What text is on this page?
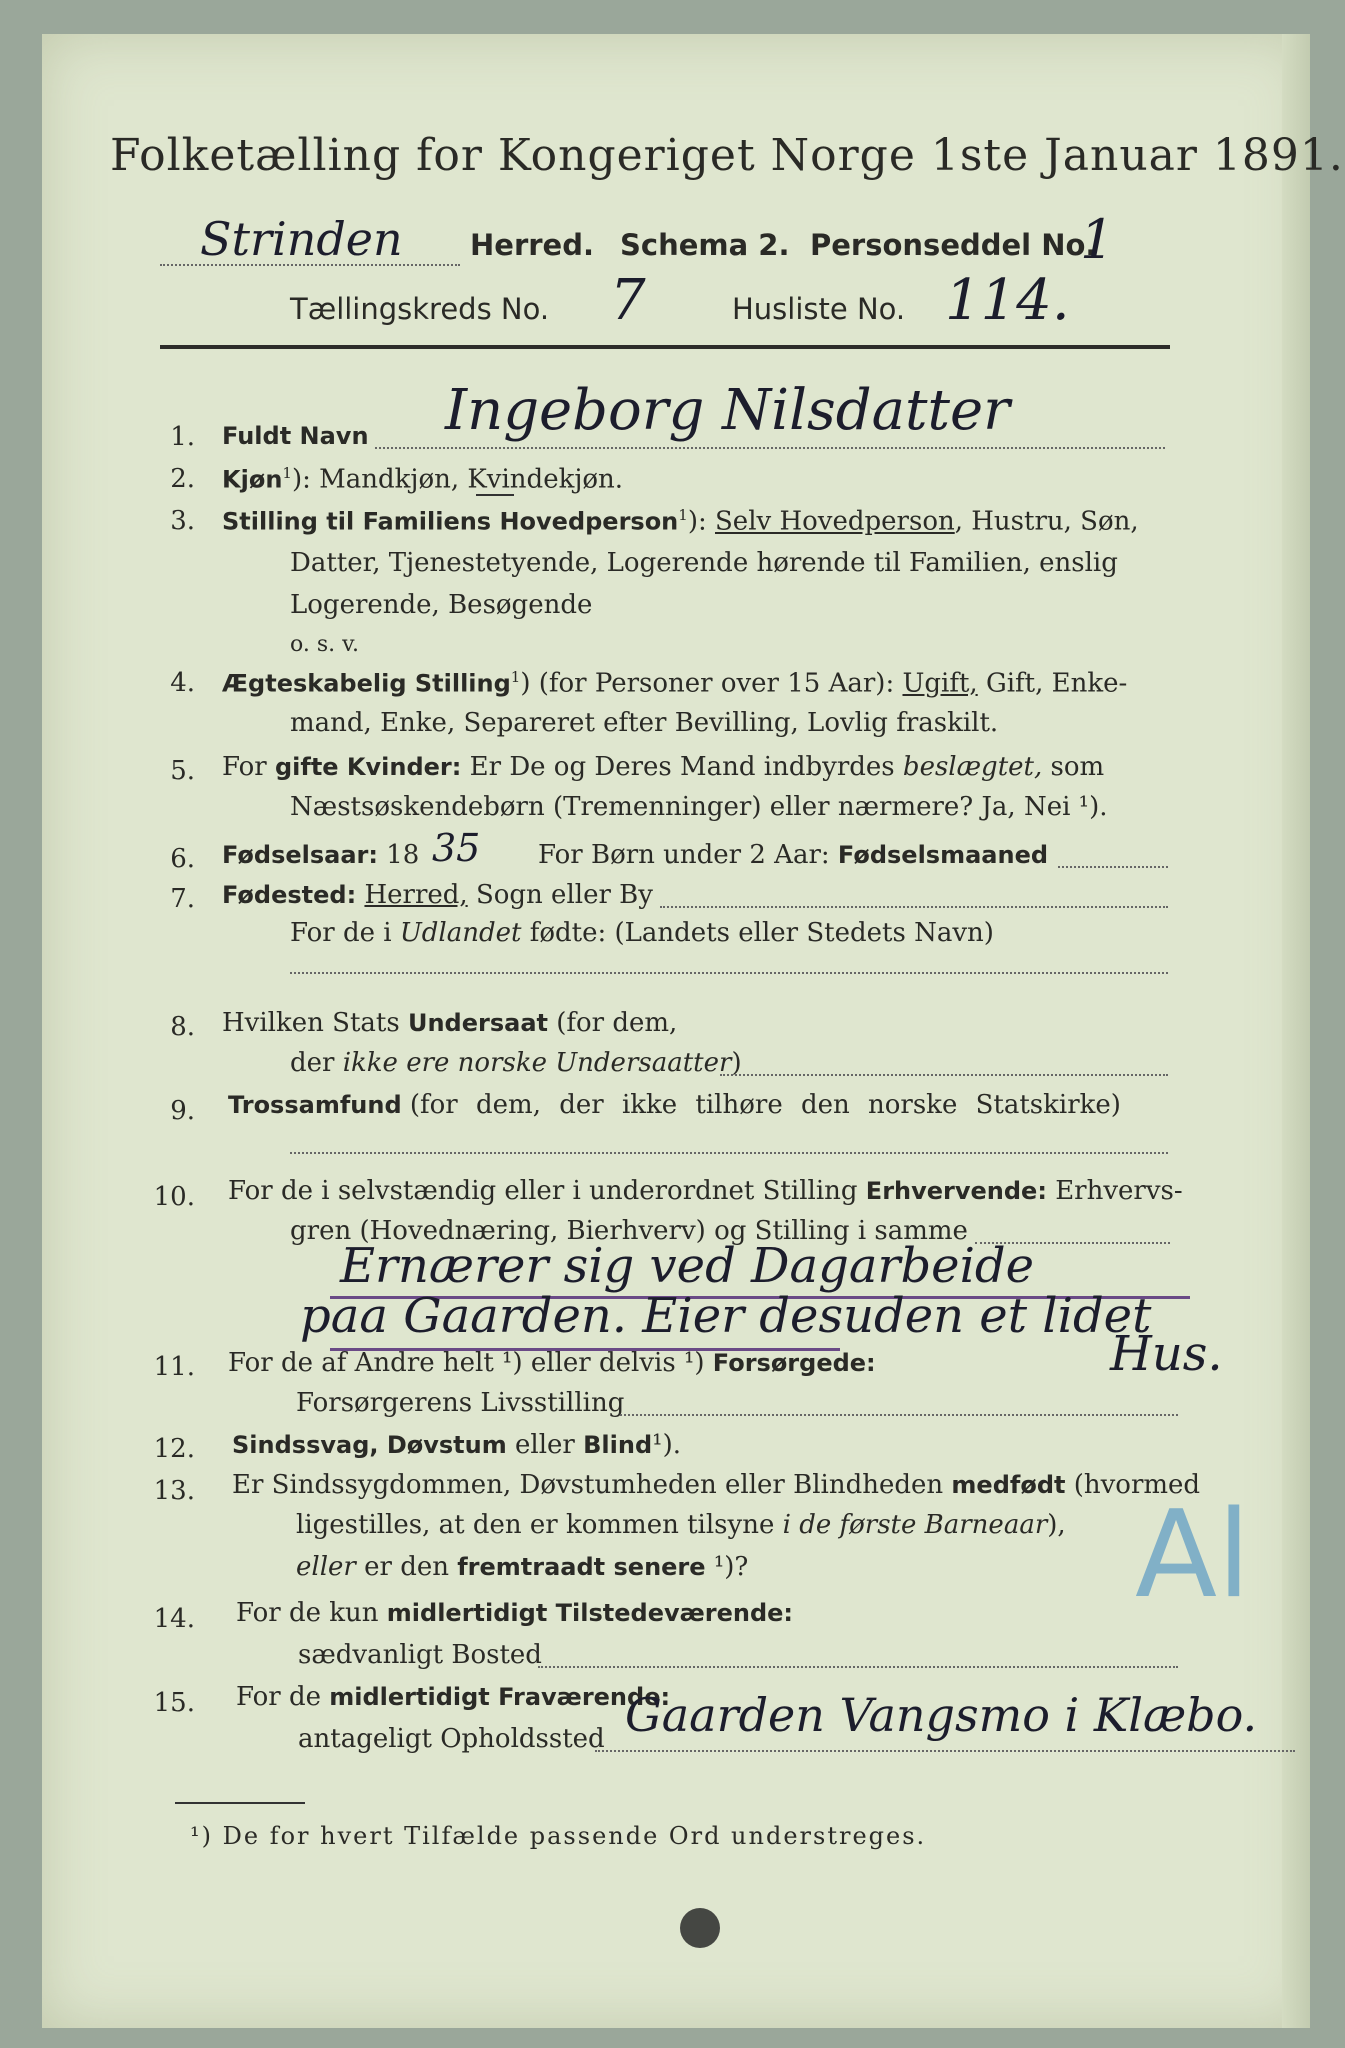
Folketælling for Kongeriget Norge 1ste Januar 1891.
Strinden Herred. Schema 2. Personseddel No.
1
Tællingskreds No. 7	Husliste No. 114.
1. Fuldt Navn Ingeborg Nilsdatter
2. Kjøn$^1$): Mandkjøn, Kvindekjøn.
3. Stilling til Familiens Hovedperson$^1$): Selv Hovedperson, Hustru, Søn,
Datter, Tjenestetyende, Logerende hørende til Familien, enslig
Logerende, Besøgende
o. s. v.
4. Ægteskabelig Stilling$^1$) (for Personer over 15 Aar): Ugift, Gift, Enke-
mand, Enke, Separeret efter Bevilling, Lovlig fraskilt.
5. For gifte Kvinder: Er De og Deres Mand indbyrdes beslægtet, som
Næstsøskendebørn (Tremenninger) eller nærmere? Ja, Nei ¹).
6. Fødselsaar: 18 35 For Børn under 2 Aar: Fødselsmaaned
7. Fødested: Herred, Sogn eller By
For de i Udlandet fødte: (Landets eller Stedets Navn)
8. Hvilken Stats Undersaat (for dem,
der ikke ere norske Undersaatter)
9. Trossamfund (for dem, der ikke tilhøre den norske Statskirke)
10. For de i selvstændig eller i underordnet Stilling Erhvervende: Erhvervs-
gren (Hovednæring, Bierhverv) og Stilling i samme
Ernærer sig ved Dagarbeide
paa Gaarden. Eier desuden et lidet
Hus.
11. For de af Andre helt ¹) eller delvis ¹) Forsørgede:
Forsørgerens Livsstilling
12. Sindssvag, Døvstum eller Blind¹).
13. Er Sindssygdommen, Døvstumheden eller Blindheden medfødt (hvormed
ligestilles, at den er kommen tilsyne i de første Barneaar),
eller er den fremtraadt senere ¹)?	Al
14. For de kun midlertidigt Tilstedeværende:
sædvanligt Bosted
15. For de midlertidigt Fraværende:
antageligt Opholdssted Gaarden Vangsmo i Klæbo.
¹) De for hvert Tilfælde passende Ord understreges.
